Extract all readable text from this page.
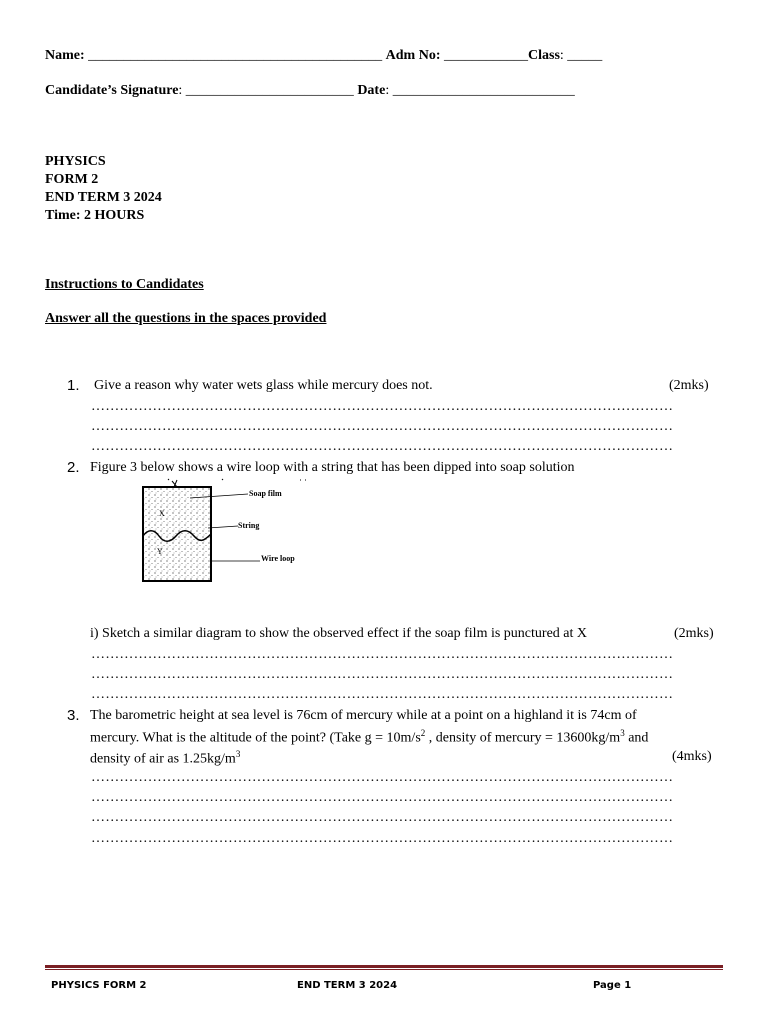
Name: __________________________________________ Adm No: ____________Class: _____
Candidate’s Signature: ________________________ Date: __________________________
PHYSICS
FORM 2
END TERM 3 2024
Time: 2 HOURS
Instructions to Candidates
Answer all the questions in the spaces provided
1. Give a reason why water wets glass while mercury does not.	(2mks)
……………………………………………………………………………………………………………
……………………………………………………………………………………………………………
……………………………………………………………………………………………………………
2. Figure 3 below shows a wire loop with a string that has been dipped into soap solution
X
Y
Soap film
String
Wire loop
i) Sketch a similar diagram to show the observed effect if the soap film is punctured at X	(2mks)
……………………………………………………………………………………………………………
……………………………………………………………………………………………………………
……………………………………………………………………………………………………………
3. The barometric height at sea level is 76cm of mercury while at a point on a highland it is 74cm of
mercury. What is the altitude of the point? (Take $g = 10m/s^2$ , density of mercury = $13600kg/m^3$ and
density of air as $1.25kg/m^3$	(4mks)
……………………………………………………………………………………………………………
……………………………………………………………………………………………………………
……………………………………………………………………………………………………………
……………………………………………………………………………………………………………
PHYSICS FORM 2	END TERM 3 2024	Page 1
